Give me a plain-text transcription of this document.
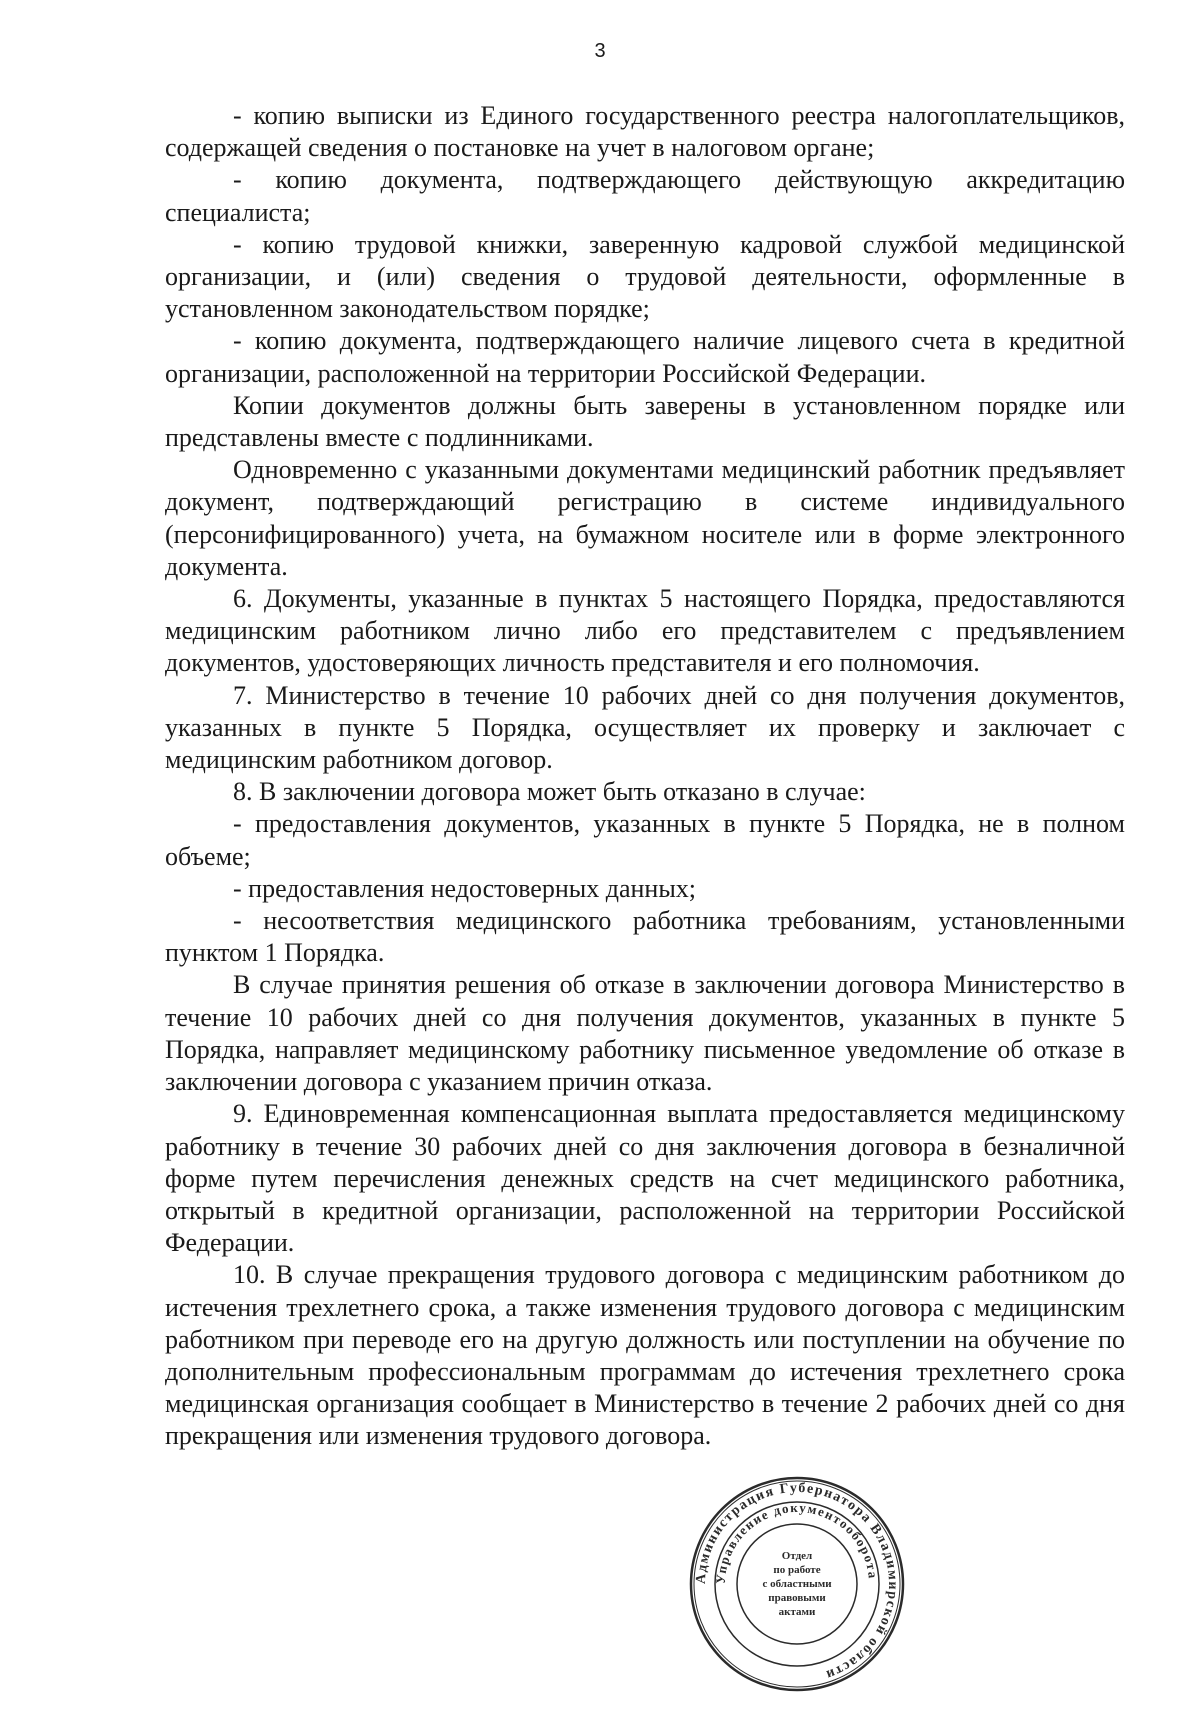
3

- копию выписки из Единого государственного реестра налогоплательщиков, содержащей сведения о постановке на учет в налоговом органе;

- копию документа, подтверждающего действующую аккредитацию специалиста;

- копию трудовой книжки, заверенную кадровой службой медицинской организации, и (или) сведения о трудовой деятельности, оформленные в установленном законодательством порядке;

- копию документа, подтверждающего наличие лицевого счета в кредитной организации, расположенной на территории Российской Федерации.

Копии документов должны быть заверены в установленном порядке или представлены вместе с подлинниками.

Одновременно с указанными документами медицинский работник предъявляет документ, подтверждающий регистрацию в системе индивидуального (персонифицированного) учета, на бумажном носителе или в форме электронного документа.

6. Документы, указанные в пунктах 5 настоящего Порядка, предоставляются медицинским работником лично либо его представителем с предъявлением документов, удостоверяющих личность представителя и его полномочия.

7. Министерство в течение 10 рабочих дней со дня получения документов, указанных в пункте 5 Порядка, осуществляет их проверку и заключает с медицинским работником договор.

8. В заключении договора может быть отказано в случае:

- предоставления документов, указанных в пункте 5 Порядка, не в полном объеме;

- предоставления недостоверных данных;

- несоответствия медицинского работника требованиям, установленными пунктом 1 Порядка.

В случае принятия решения об отказе в заключении договора Министерство в течение 10 рабочих дней со дня получения документов, указанных в пункте 5 Порядка, направляет медицинскому работнику письменное уведомление об отказе в заключении договора с указанием причин отказа.

9. Единовременная компенсационная выплата предоставляется медицинскому работнику в течение 30 рабочих дней со дня заключения договора в безналичной форме путем перечисления денежных средств на счет медицинского работника, открытый в кредитной организации, расположенной на территории Российской Федерации.

10. В случае прекращения трудового договора с медицинским работником до истечения трехлетнего срока, а также изменения трудового договора с медицинским работником при переводе его на другую должность или поступлении на обучение по дополнительным профессиональным программам до истечения трехлетнего срока медицинская организация сообщает в Министерство в течение 2 рабочих дней со дня прекращения или изменения трудового договора.

Администрация Губернатора Владимирской области
Управление документооборота
Отдел
по работе
с областными
правовыми
актами
